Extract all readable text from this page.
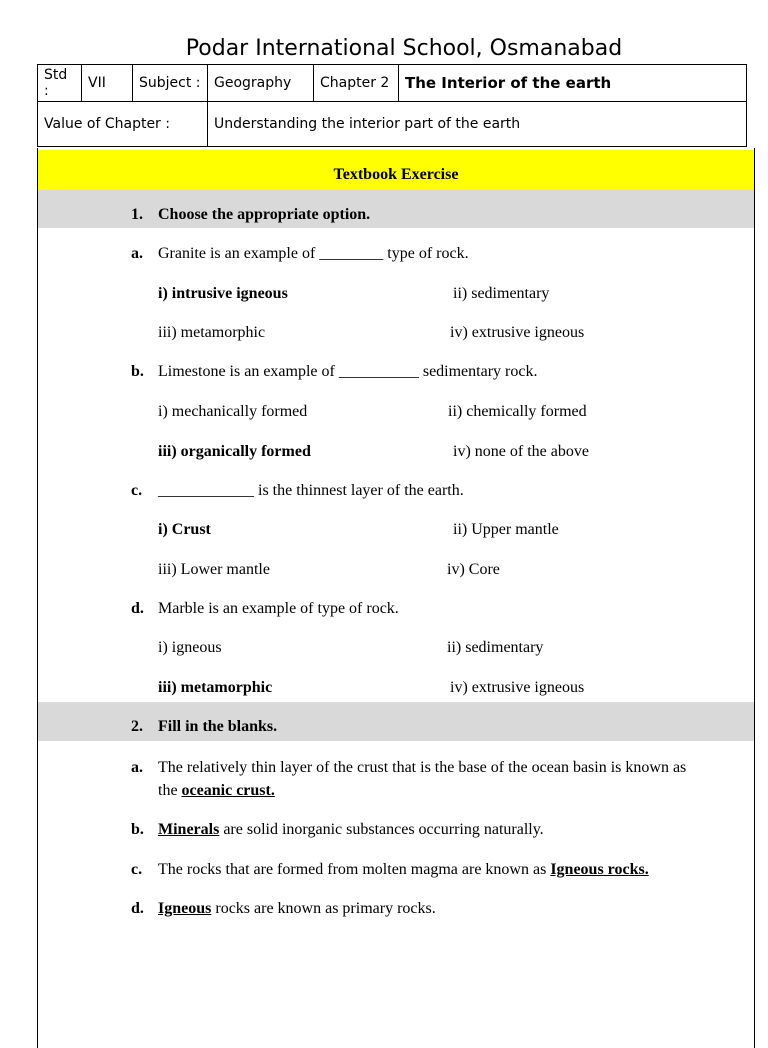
Podar International School, Osmanabad
Std :	VII	Subject :	Geography	Chapter 2	The Interior of the earth
Value of Chapter :			Understanding the interior part of the earth		
Textbook Exercise
1. Choose the appropriate option.
a. Granite is an example of ________ type of rock.
i) intrusive igneous	ii) sedimentary
iii) metamorphic	iv) extrusive igneous
b. Limestone is an example of __________ sedimentary rock.
i) mechanically formed	ii) chemically formed
iii) organically formed	iv) none of the above
c. ____________ is the thinnest layer of the earth.
i) Crust	ii) Upper mantle
iii) Lower mantle	iv) Core
d. Marble is an example of type of rock.
i) igneous	ii) sedimentary
iii) metamorphic	iv) extrusive igneous
2. Fill in the blanks.
a. The relatively thin layer of the crust that is the base of the ocean basin is known as
the oceanic crust.
b. Minerals are solid inorganic substances occurring naturally.
c. The rocks that are formed from molten magma are known as Igneous rocks.
d. Igneous rocks are known as primary rocks.
